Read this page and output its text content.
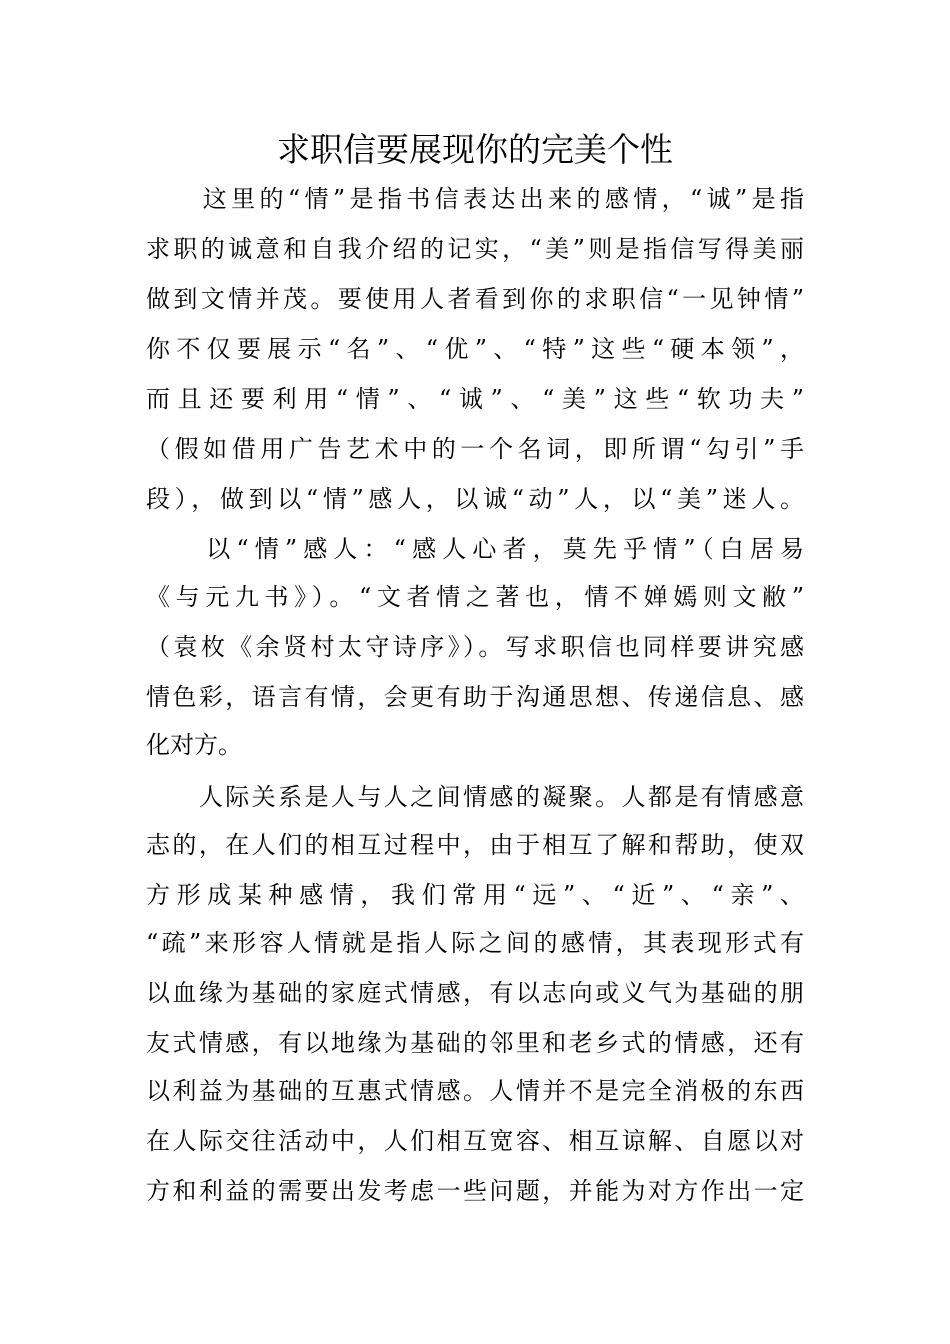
求职信要展现你的完美个性
　　这里的“情”是指书信表达出来的感情，“诚”是指
求职的诚意和自我介绍的记实，“美”则是指信写得美丽
做到文情并茂。要使用人者看到你的求职信“一见钟情”
你不仅要展示“名”、“优”、“特”这些“硬本领”，
而且还要利用“情”、“诚”、“美”这些“软功夫”
（假如借用广告艺术中的一个名词，即所谓“勾引”手
段），做到以“情”感人，以诚“动”人，以“美”迷人。
　　以“情”感人：“感人心者，莫先乎情”（白居易
《与元九书》）。“文者情之著也，情不婵嫣则文敝”
（袁枚《余贤村太守诗序》）。写求职信也同样要讲究感
情色彩，语言有情，会更有助于沟通思想、传递信息、感
化对方。
　　人际关系是人与人之间情感的凝聚。人都是有情感意
志的，在人们的相互过程中，由于相互了解和帮助，使双
方形成某种感情，我们常用“远”、“近”、“亲”、
“疏”来形容人情就是指人际之间的感情，其表现形式有
以血缘为基础的家庭式情感，有以志向或义气为基础的朋
友式情感，有以地缘为基础的邻里和老乡式的情感，还有
以利益为基础的互惠式情感。人情并不是完全消极的东西
在人际交往活动中，人们相互宽容、相互谅解、自愿以对
方和利益的需要出发考虑一些问题，并能为对方作出一定
